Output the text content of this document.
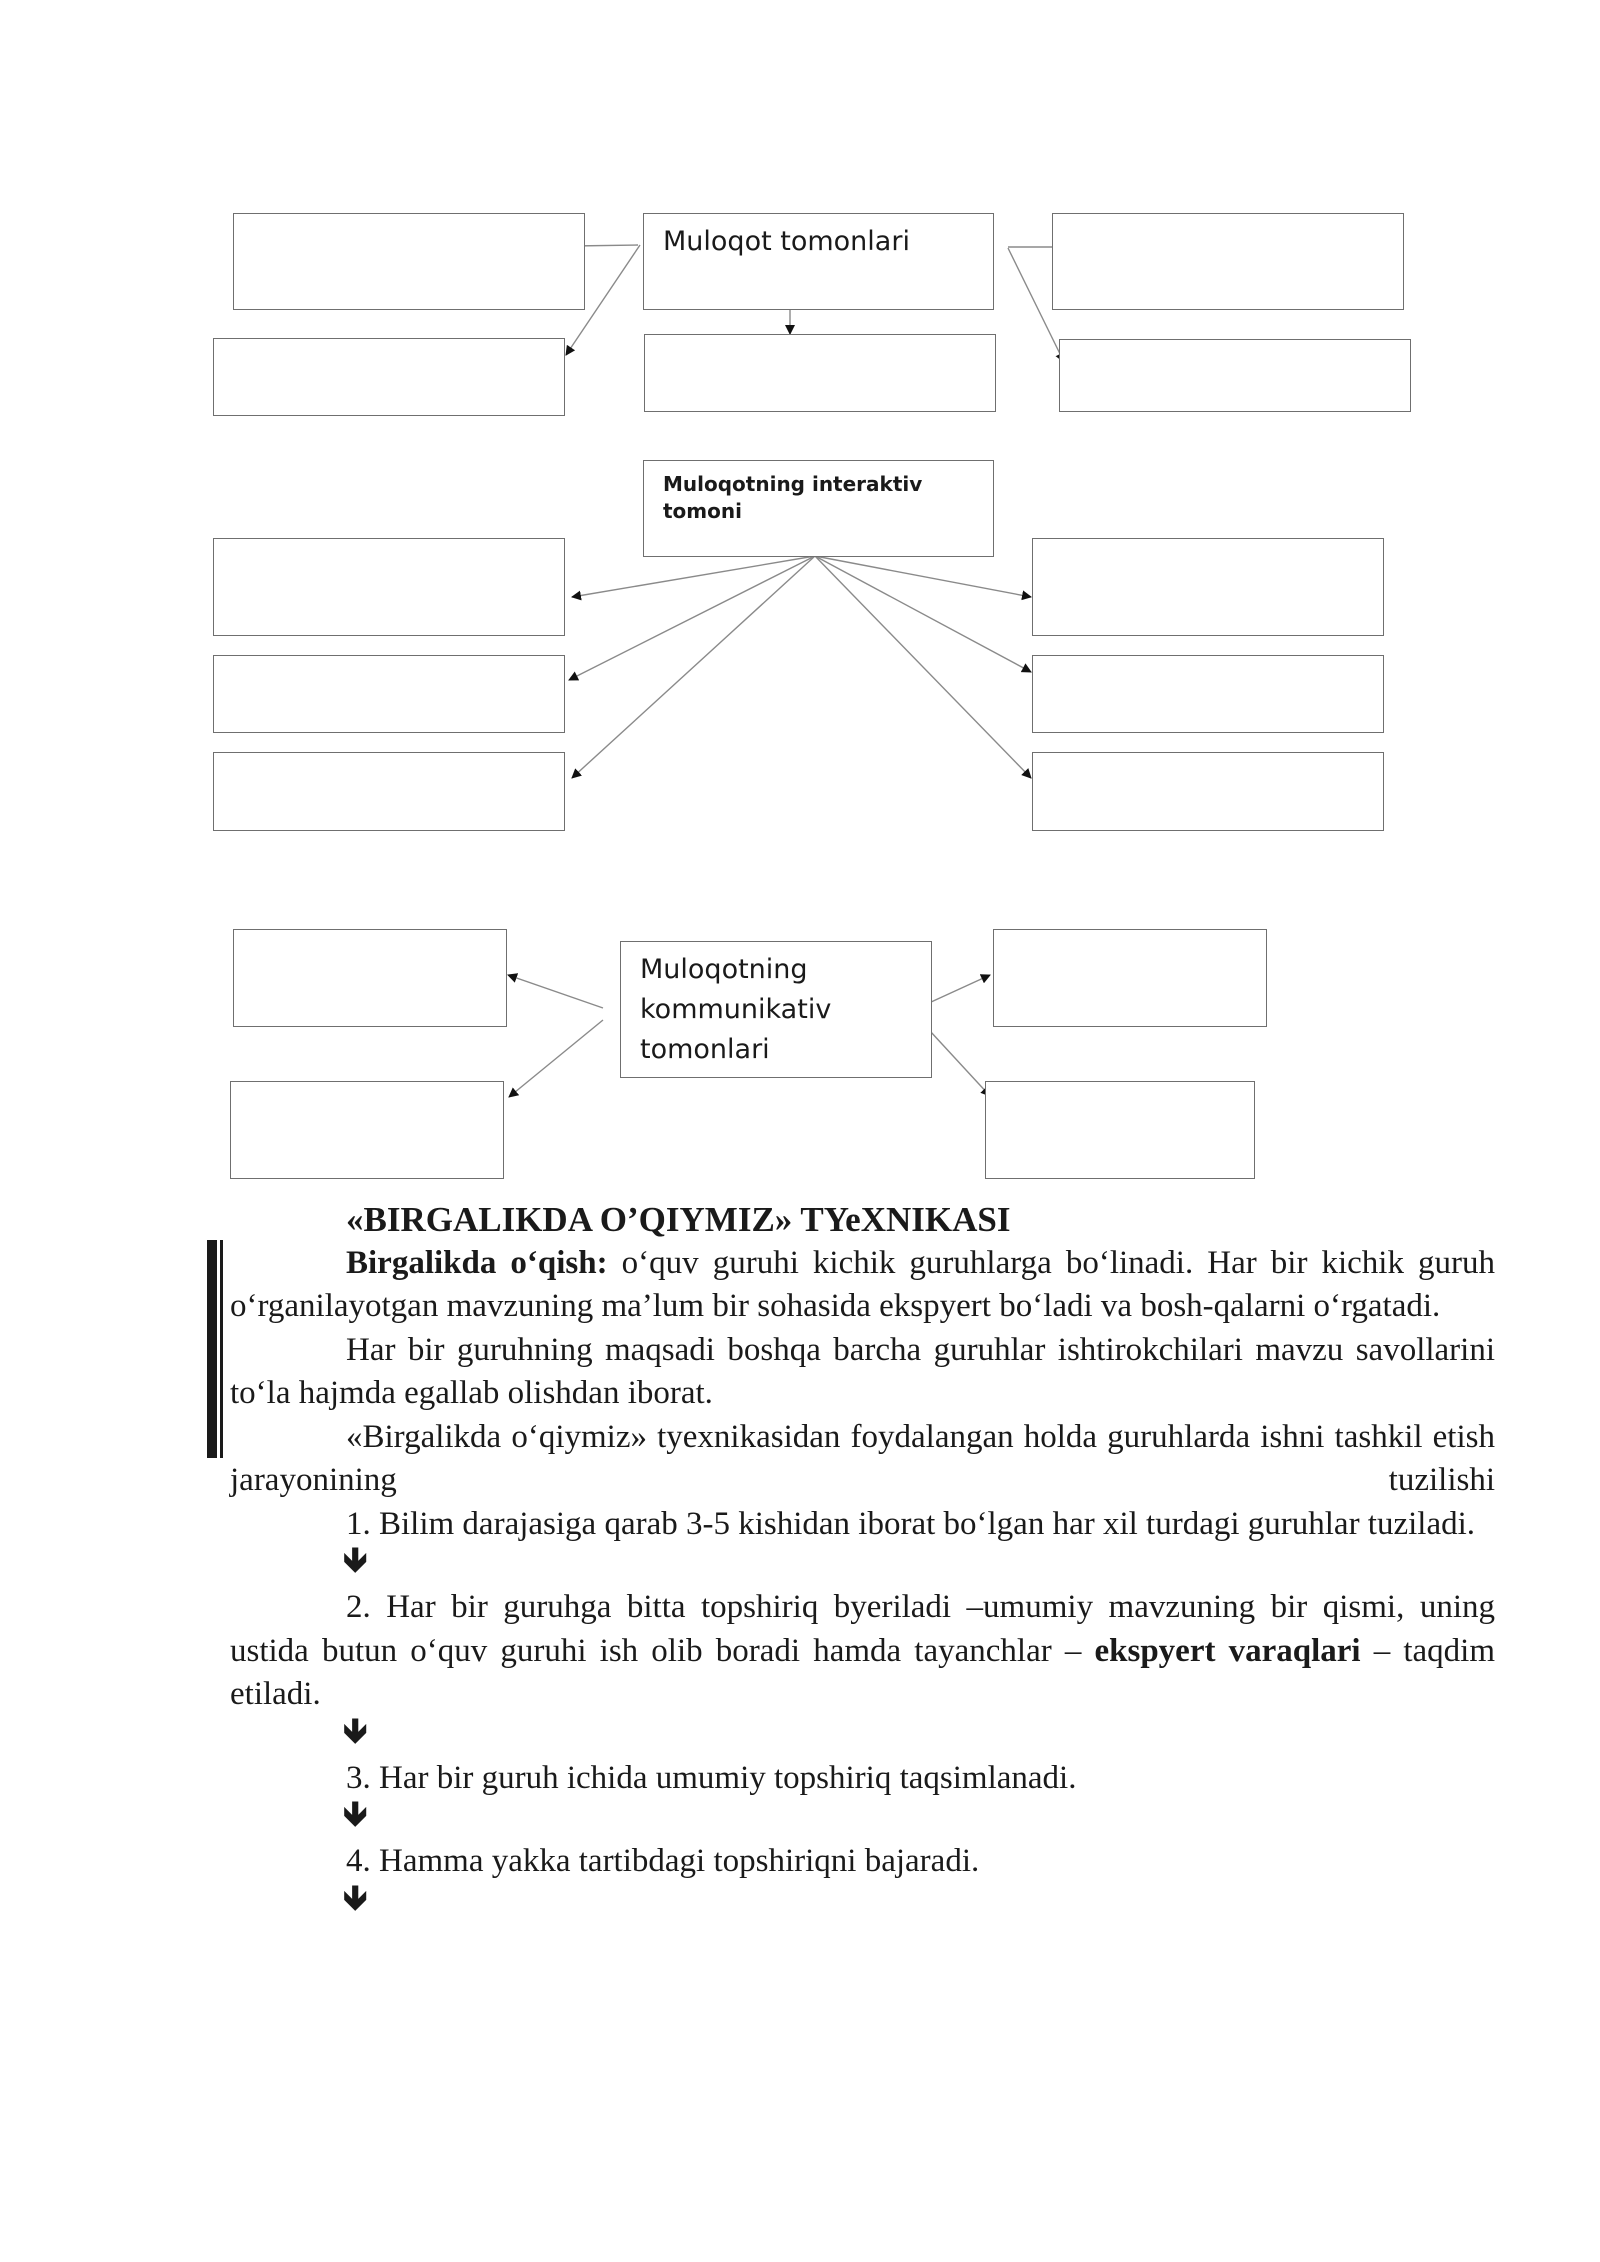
Muloqot tomonlari
Muloqotning interaktiv tomoni
Muloqotning
kommunikativ
tomonlari
«BIRGALIKDA O’QIYMIZ» TYeXNIKASI

Birgalikda o‘qish: o‘quv guruhi kichik guruhlarga bo‘linadi. Har bir kichik guruh o‘rganilayotgan mavzuning ma’lum bir sohasida ekspyert bo‘ladi va bosh-qalarni o‘rgatadi.

Har bir guruhning maqsadi boshqa barcha guruhlar ishtirokchilari mavzu savollarini to‘la hajmda egallab olishdan iborat.

«Birgalikda o‘qiymiz» tyexnikasidan foydalangan holda guruhlarda ishni tashkil etish jarayonining tuzilishi

1. Bilim darajasiga qarab 3-5 kishidan iborat bo‘lgan har xil turdagi guruhlar tuziladi.

🡻

2. Har bir guruhga bitta topshiriq byeriladi –umumiy mavzuning bir qismi, uning ustida butun o‘quv guruhi ish olib boradi hamda tayanchlar – ekspyert varaqlari – taqdim etiladi.

🡻

3. Har bir guruh ichida umumiy topshiriq taqsimlanadi.

🡻

4. Hamma yakka tartibdagi topshiriqni bajaradi.

🡻
